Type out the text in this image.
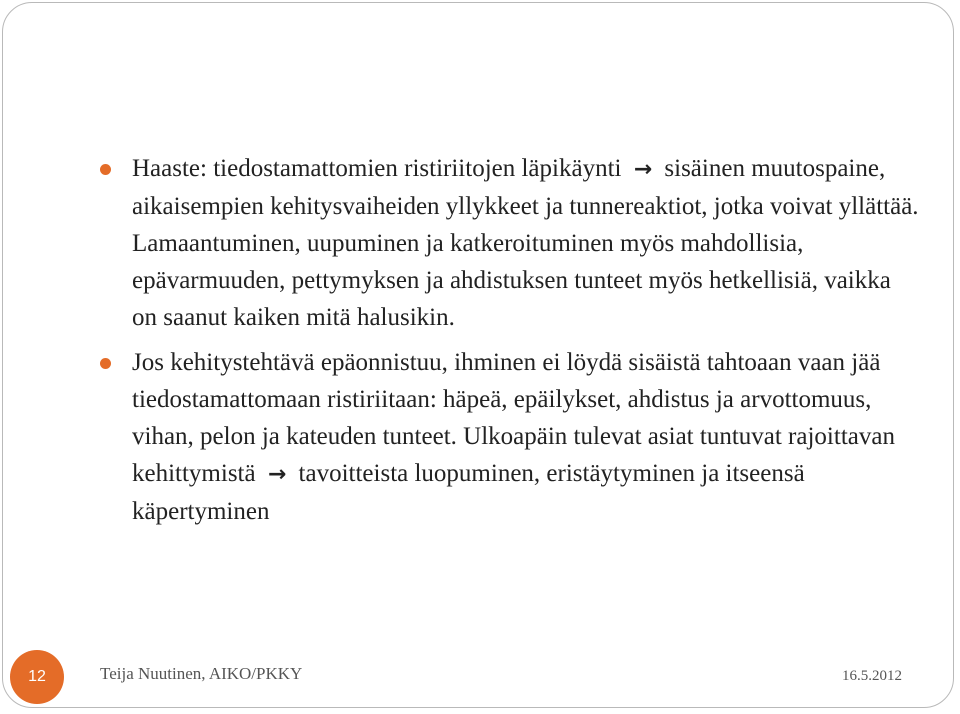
Haaste: tiedostamattomien ristiriitojen läpikäynti → sisäinen muutospaine, aikaisempien kehitysvaiheiden yllykkeet ja tunnereaktiot, jotka voivat yllättää. Lamaantuminen, uupuminen ja katkeroituminen myös mahdollisia, epävarmuuden, pettymyksen ja ahdistuksen tunteet myös hetkellisiä, vaikka on saanut kaiken mitä halusikin.
Jos kehitystehtävä epäonnistuu, ihminen ei löydä sisäistä tahtoaan vaan jää tiedostamattomaan ristiriitaan: häpeä, epäilykset, ahdistus ja arvottomuus, vihan, pelon ja kateuden tunteet. Ulkoapäin tulevat asiat tuntuvat rajoittavan kehittymistä → tavoitteista luopuminen, eristäytyminen ja itseensä käpertyminen
12	Teija Nuutinen, AIKO/PKKY	16.5.2012
